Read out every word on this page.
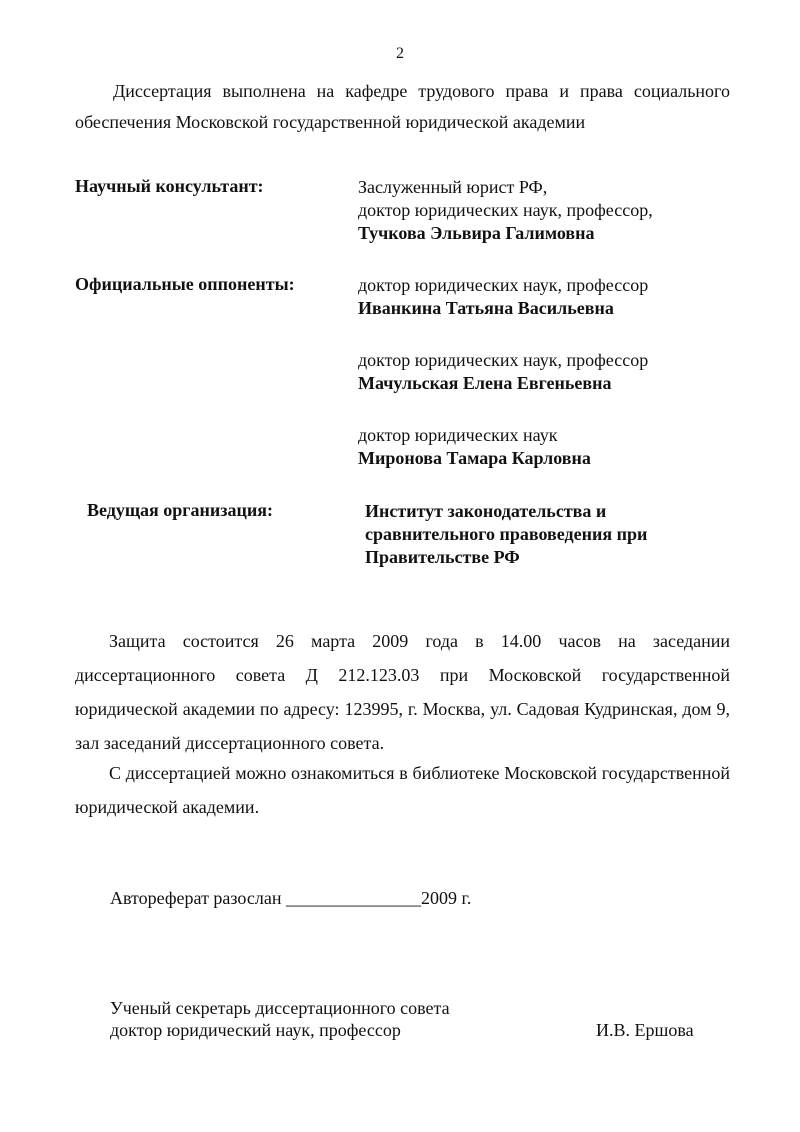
2
Диссертация выполнена на кафедре трудового права и права социального обеспечения Московской государственной юридической академии
Научный консультант:	Заслуженный юрист РФ,
доктор юридических наук, профессор,
Тучкова Эльвира Галимовна
Официальные оппоненты:	доктор юридических наук, профессор
Иванкина Татьяна Васильевна
доктор юридических наук, профессор
Мачульская Елена Евгеньевна
доктор юридических наук
Миронова Тамара Карловна
Ведущая организация:	Институт законодательства и
сравнительного правоведения при
Правительстве РФ
Защита состоится 26 марта 2009 года в 14.00 часов на заседании диссертационного совета Д 212.123.03 при Московской государственной юридической академии по адресу: 123995, г. Москва, ул. Садовая Кудринская, дом 9, зал заседаний диссертационного совета.
С диссертацией можно ознакомиться в библиотеке Московской государственной юридической академии.
Автореферат разослан _______________2009 г.
Ученый секретарь диссертационного совета
доктор юридический наук, профессор	И.В. Ершова
